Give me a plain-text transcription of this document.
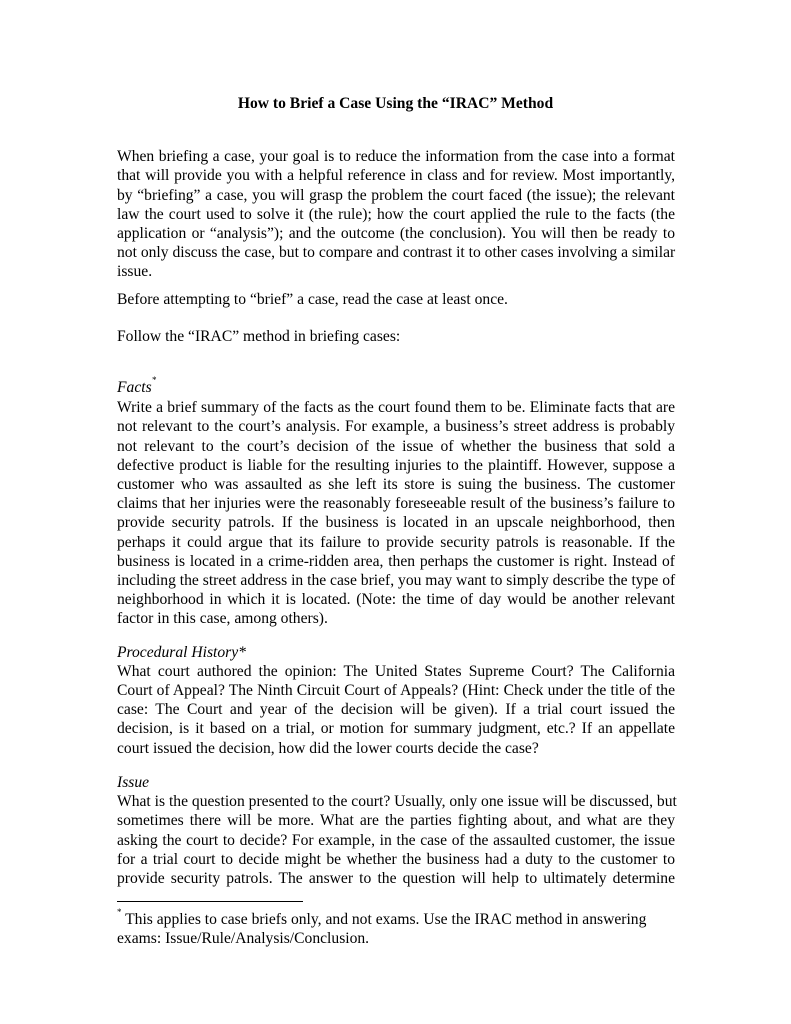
How to Brief a Case Using the “IRAC” Method
When briefing a case, your goal is to reduce the information from the case into a format
that will provide you with a helpful reference in class and for review. Most importantly,
by “briefing” a case, you will grasp the problem the court faced (the issue); the relevant
law the court used to solve it (the rule); how the court applied the rule to the facts (the
application or “analysis”); and the outcome (the conclusion). You will then be ready to
not only discuss the case, but to compare and contrast it to other cases involving a similar
issue.
Before attempting to “brief” a case, read the case at least once.
Follow the “IRAC” method in briefing cases:
Facts*
Write a brief summary of the facts as the court found them to be. Eliminate facts that are
not relevant to the court’s analysis. For example, a business’s street address is probably
not relevant to the court’s decision of the issue of whether the business that sold a
defective product is liable for the resulting injuries to the plaintiff. However, suppose a
customer who was assaulted as she left its store is suing the business. The customer
claims that her injuries were the reasonably foreseeable result of the business’s failure to
provide security patrols. If the business is located in an upscale neighborhood, then
perhaps it could argue that its failure to provide security patrols is reasonable. If the
business is located in a crime-ridden area, then perhaps the customer is right. Instead of
including the street address in the case brief, you may want to simply describe the type of
neighborhood in which it is located. (Note: the time of day would be another relevant
factor in this case, among others).
Procedural History*
What court authored the opinion: The United States Supreme Court? The California
Court of Appeal? The Ninth Circuit Court of Appeals? (Hint: Check under the title of the
case: The Court and year of the decision will be given). If a trial court issued the
decision, is it based on a trial, or motion for summary judgment, etc.? If an appellate
court issued the decision, how did the lower courts decide the case?
Issue
What is the question presented to the court? Usually, only one issue will be discussed, but
sometimes there will be more. What are the parties fighting about, and what are they
asking the court to decide? For example, in the case of the assaulted customer, the issue
for a trial court to decide might be whether the business had a duty to the customer to
provide security patrols. The answer to the question will help to ultimately determine
* This applies to case briefs only, and not exams. Use the IRAC method in answering
exams: Issue/Rule/Analysis/Conclusion.
